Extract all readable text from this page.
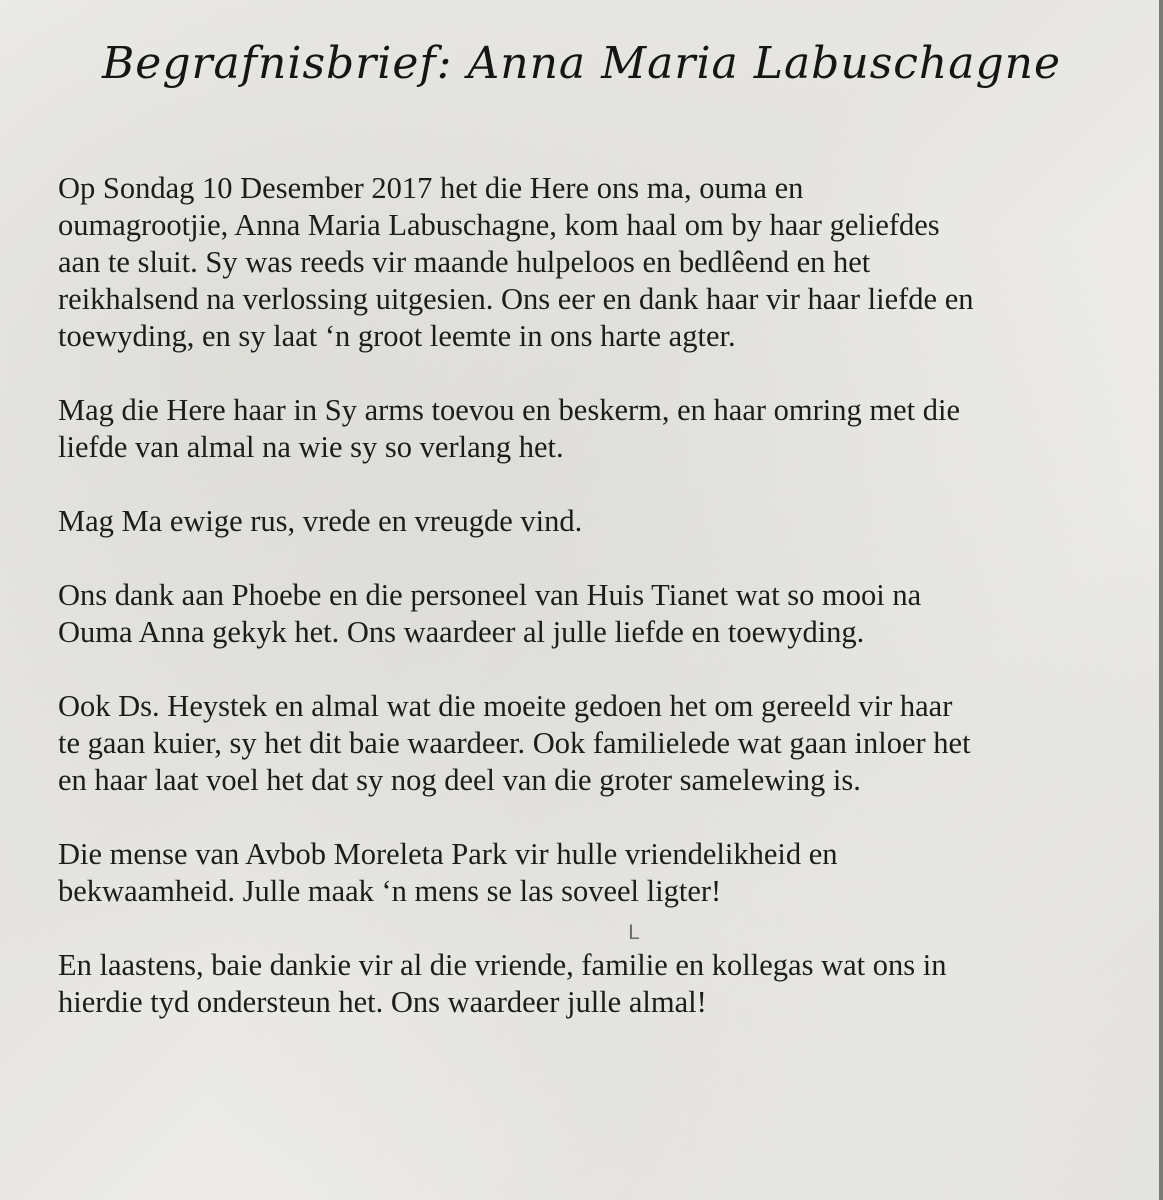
Begrafnisbrief: Anna Maria Labuschagne

Op Sondag 10 Desember 2017 het die Here ons ma, ouma en
oumagrootjie, Anna Maria Labuschagne, kom haal om by haar geliefdes
aan te sluit. Sy was reeds vir maande hulpeloos en bedlêend en het
reikhalsend na verlossing uitgesien. Ons eer en dank haar vir haar liefde en
toewyding, en sy laat ‘n groot leemte in ons harte agter.

Mag die Here haar in Sy arms toevou en beskerm, en haar omring met die
liefde van almal na wie sy so verlang het.

Mag Ma ewige rus, vrede en vreugde vind.

Ons dank aan Phoebe en die personeel van Huis Tianet wat so mooi na
Ouma Anna gekyk het. Ons waardeer al julle liefde en toewyding.

Ook Ds. Heystek en almal wat die moeite gedoen het om gereeld vir haar
te gaan kuier, sy het dit baie waardeer. Ook familielede wat gaan inloer het
en haar laat voel het dat sy nog deel van die groter samelewing is.

Die mense van Avbob Moreleta Park vir hulle vriendelikheid en
bekwaamheid. Julle maak ‘n mens se las soveel ligter!

En laastens, baie dankie vir al die vriende, familie en kollegas wat ons in
hierdie tyd ondersteun het. Ons waardeer julle almal!

ᒪ
